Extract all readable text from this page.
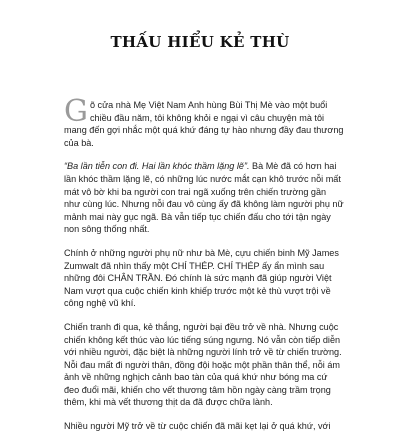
THẤU HIỂU KẺ THÙ

Gõ cửa nhà Mẹ Việt Nam Anh hùng Bùi Thị Mè vào một buổi chiều đầu năm, tôi không khỏi e ngại vì câu chuyện mà tôi mang đến gợi nhắc một quá khứ đáng tự hào nhưng đầy đau thương của bà.

“Ba lần tiễn con đi. Hai lần khóc thầm lặng lẽ”. Bà Mè đã có hơn hai lần khóc thầm lặng lẽ, có những lúc nước mắt cạn khô trước nỗi mất mát vô bờ khi ba người con trai ngã xuống trên chiến trường gần như cùng lúc. Nhưng nỗi đau vô cùng ấy đã không làm người phụ nữ mảnh mai này gục ngã. Bà vẫn tiếp tục chiến đấu cho tới tận ngày non sông thống nhất.

Chính ở những người phụ nữ như bà Mè, cựu chiến binh Mỹ James Zumwalt đã nhìn thấy một CHÍ THÉP. CHÍ THÉP ấy ẩn mình sau những đôi CHÂN TRẦN. Đó chính là sức mạnh đã giúp người Việt Nam vượt qua cuộc chiến kinh khiếp trước một kẻ thù vượt trội về công nghệ vũ khí.

Chiến tranh đi qua, kẻ thắng, người bại đều trở về nhà. Nhưng cuộc chiến không kết thúc vào lúc tiếng súng ngưng. Nó vẫn còn tiếp diễn với nhiều người, đặc biệt là những người lính trở về từ chiến trường. Nỗi đau mất đi người thân, đồng đội hoặc một phần thân thể, nỗi ám ảnh về những nghịch cảnh bao tàn của quá khứ như bóng ma cứ đeo đuổi mãi, khiến cho vết thương tâm hồn ngày càng trầm trọng thêm, khi mà vết thương thịt da đã được chữa lành.

Nhiều người Mỹ trở về từ cuộc chiến đã mãi kẹt lại ở quá khứ, với
